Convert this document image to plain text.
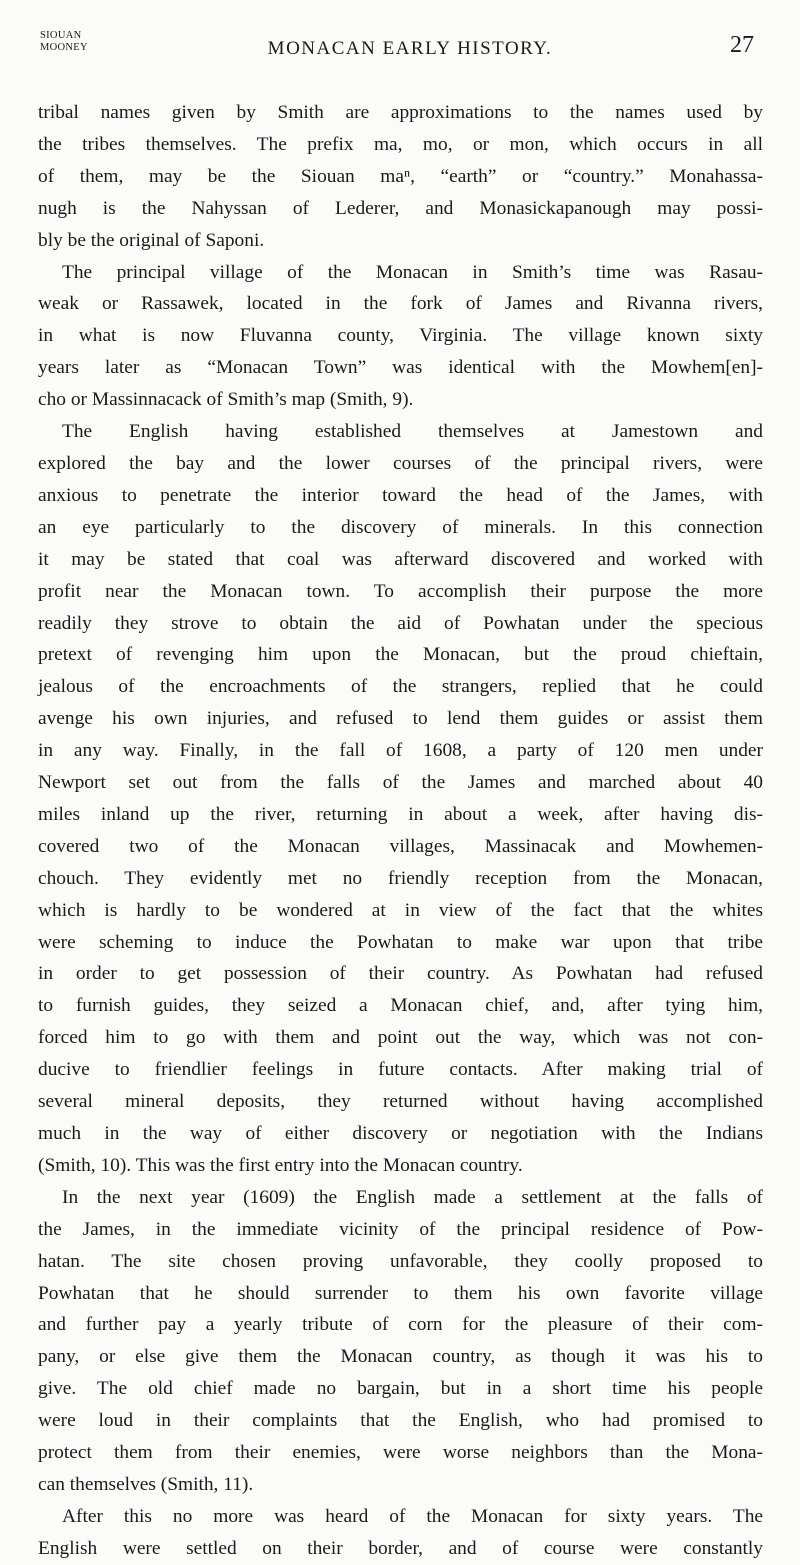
SIOUAN
MOONEY	MONACAN EARLY HISTORY.	27
tribal names given by Smith are approximations to the names used by
the tribes themselves. The prefix ma, mo, or mon, which occurs in all
of them, may be the Siouan maⁿ, “earth” or “country.” Monahassa-
nugh is the Nahyssan of Lederer, and Monasickapanough may possi-
bly be the original of Saponi.
The principal village of the Monacan in Smith’s time was Rasau-
weak or Rassawek, located in the fork of James and Rivanna rivers,
in what is now Fluvanna county, Virginia. The village known sixty
years later as “Monacan Town” was identical with the Mowhem[en]-
cho or Massinnacack of Smith’s map (Smith, 9).
The English having established themselves at Jamestown and
explored the bay and the lower courses of the principal rivers, were
anxious to penetrate the interior toward the head of the James, with
an eye particularly to the discovery of minerals. In this connection
it may be stated that coal was afterward discovered and worked with
profit near the Monacan town. To accomplish their purpose the more
readily they strove to obtain the aid of Powhatan under the specious
pretext of revenging him upon the Monacan, but the proud chieftain,
jealous of the encroachments of the strangers, replied that he could
avenge his own injuries, and refused to lend them guides or assist them
in any way. Finally, in the fall of 1608, a party of 120 men under
Newport set out from the falls of the James and marched about 40
miles inland up the river, returning in about a week, after having dis-
covered two of the Monacan villages, Massinacak and Mowhemen-
chouch. They evidently met no friendly reception from the Monacan,
which is hardly to be wondered at in view of the fact that the whites
were scheming to induce the Powhatan to make war upon that tribe
in order to get possession of their country. As Powhatan had refused
to furnish guides, they seized a Monacan chief, and, after tying him,
forced him to go with them and point out the way, which was not con-
ducive to friendlier feelings in future contacts. After making trial of
several mineral deposits, they returned without having accomplished
much in the way of either discovery or negotiation with the Indians
(Smith, 10). This was the first entry into the Monacan country.
In the next year (1609) the English made a settlement at the falls of
the James, in the immediate vicinity of the principal residence of Pow-
hatan. The site chosen proving unfavorable, they coolly proposed to
Powhatan that he should surrender to them his own favorite village
and further pay a yearly tribute of corn for the pleasure of their com-
pany, or else give them the Monacan country, as though it was his to
give. The old chief made no bargain, but in a short time his people
were loud in their complaints that the English, who had promised to
protect them from their enemies, were worse neighbors than the Mona-
can themselves (Smith, 11).
After this no more was heard of the Monacan for sixty years. The
English were settled on their border, and of course were constantly
